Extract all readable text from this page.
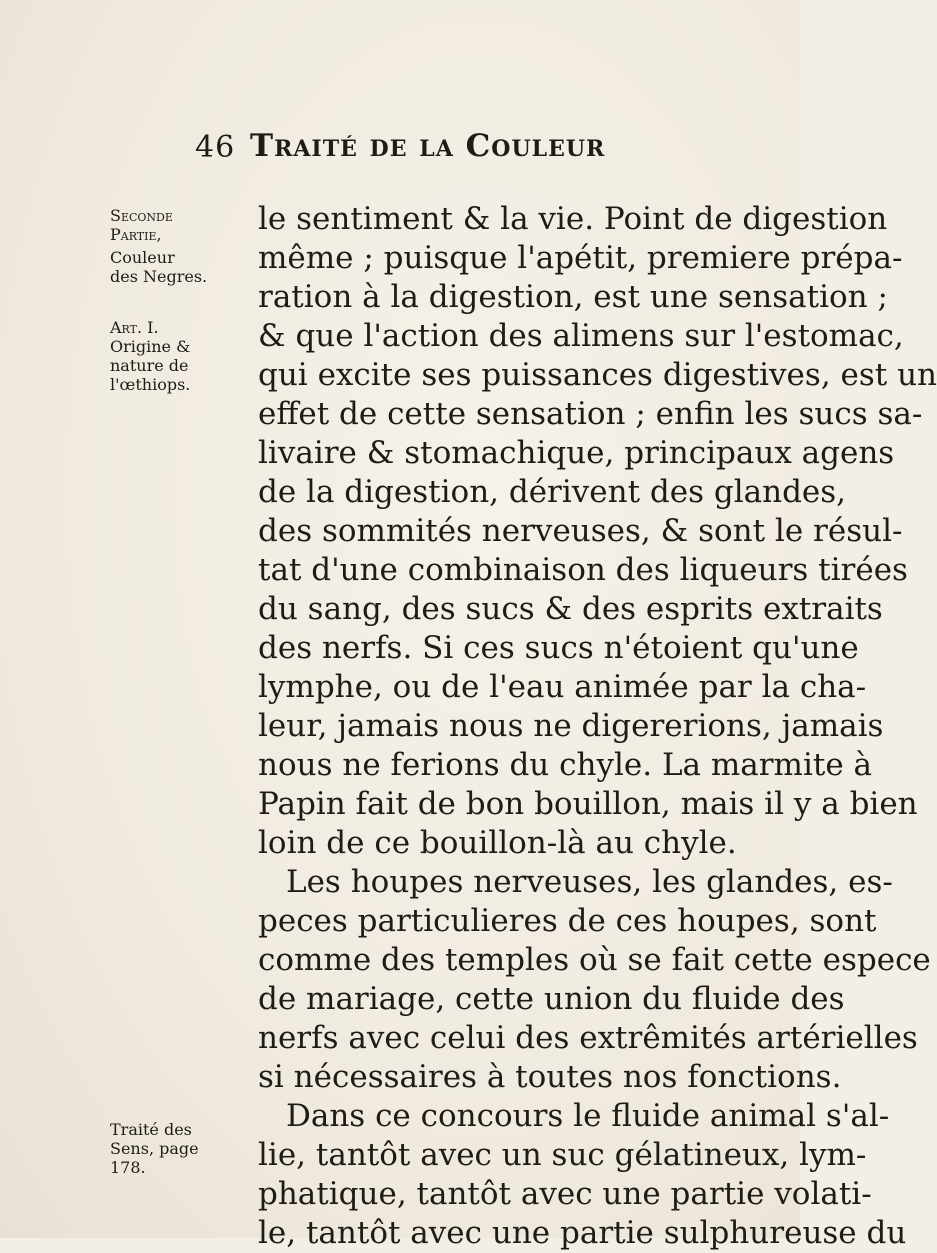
46 Traité de la Couleur
Seconde
Partie,
Couleur
des Negres.
Art. I.
Origine &
nature de
l'œthiops.
Traité des
Sens, page
178.
le sentiment & la vie. Point de digestion
même ; puisque l'apétit, premiere prépa-
ration à la digestion, est une sensation ;
& que l'action des alimens sur l'estomac,
qui excite ses puissances digestives, est un
effet de cette sensation ; enfin les sucs sa-
livaire & stomachique, principaux agens
de la digestion, dérivent des glandes,
des sommités nerveuses, & sont le résul-
tat d'une combinaison des liqueurs tirées
du sang, des sucs & des esprits extraits
des nerfs. Si ces sucs n'étoient qu'une
lymphe, ou de l'eau animée par la cha-
leur, jamais nous ne digererions, jamais
nous ne ferions du chyle. La marmite à
Papin fait de bon bouillon, mais il y a bien
loin de ce bouillon-là au chyle.
Les houpes nerveuses, les glandes, es-
peces particulieres de ces houpes, sont
comme des temples où se fait cette espece
de mariage, cette union du fluide des
nerfs avec celui des extrêmités artérielles
si nécessaires à toutes nos fonctions.
Dans ce concours le fluide animal s'al-
lie, tantôt avec un suc gélatineux, lym-
phatique, tantôt avec une partie volati-
le, tantôt avec une partie sulphureuse du
